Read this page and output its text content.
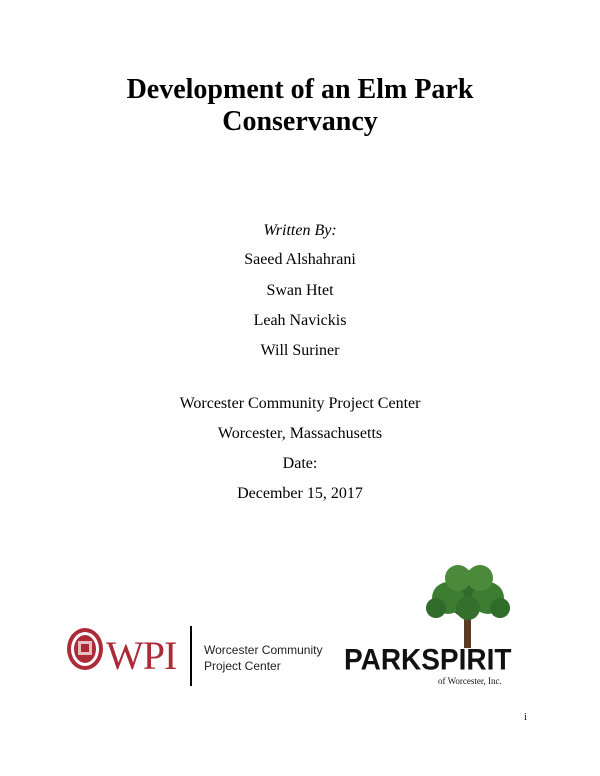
Development of an Elm Park
Conservancy
Written By:
Saeed Alshahrani
Swan Htet
Leah Navickis
Will Suriner
Worcester Community Project Center
Worcester, Massachusetts
Date:
December 15, 2017
WPI Worcester Community
Project Center	PARKSPIRIT
of Worcester, Inc.
i
